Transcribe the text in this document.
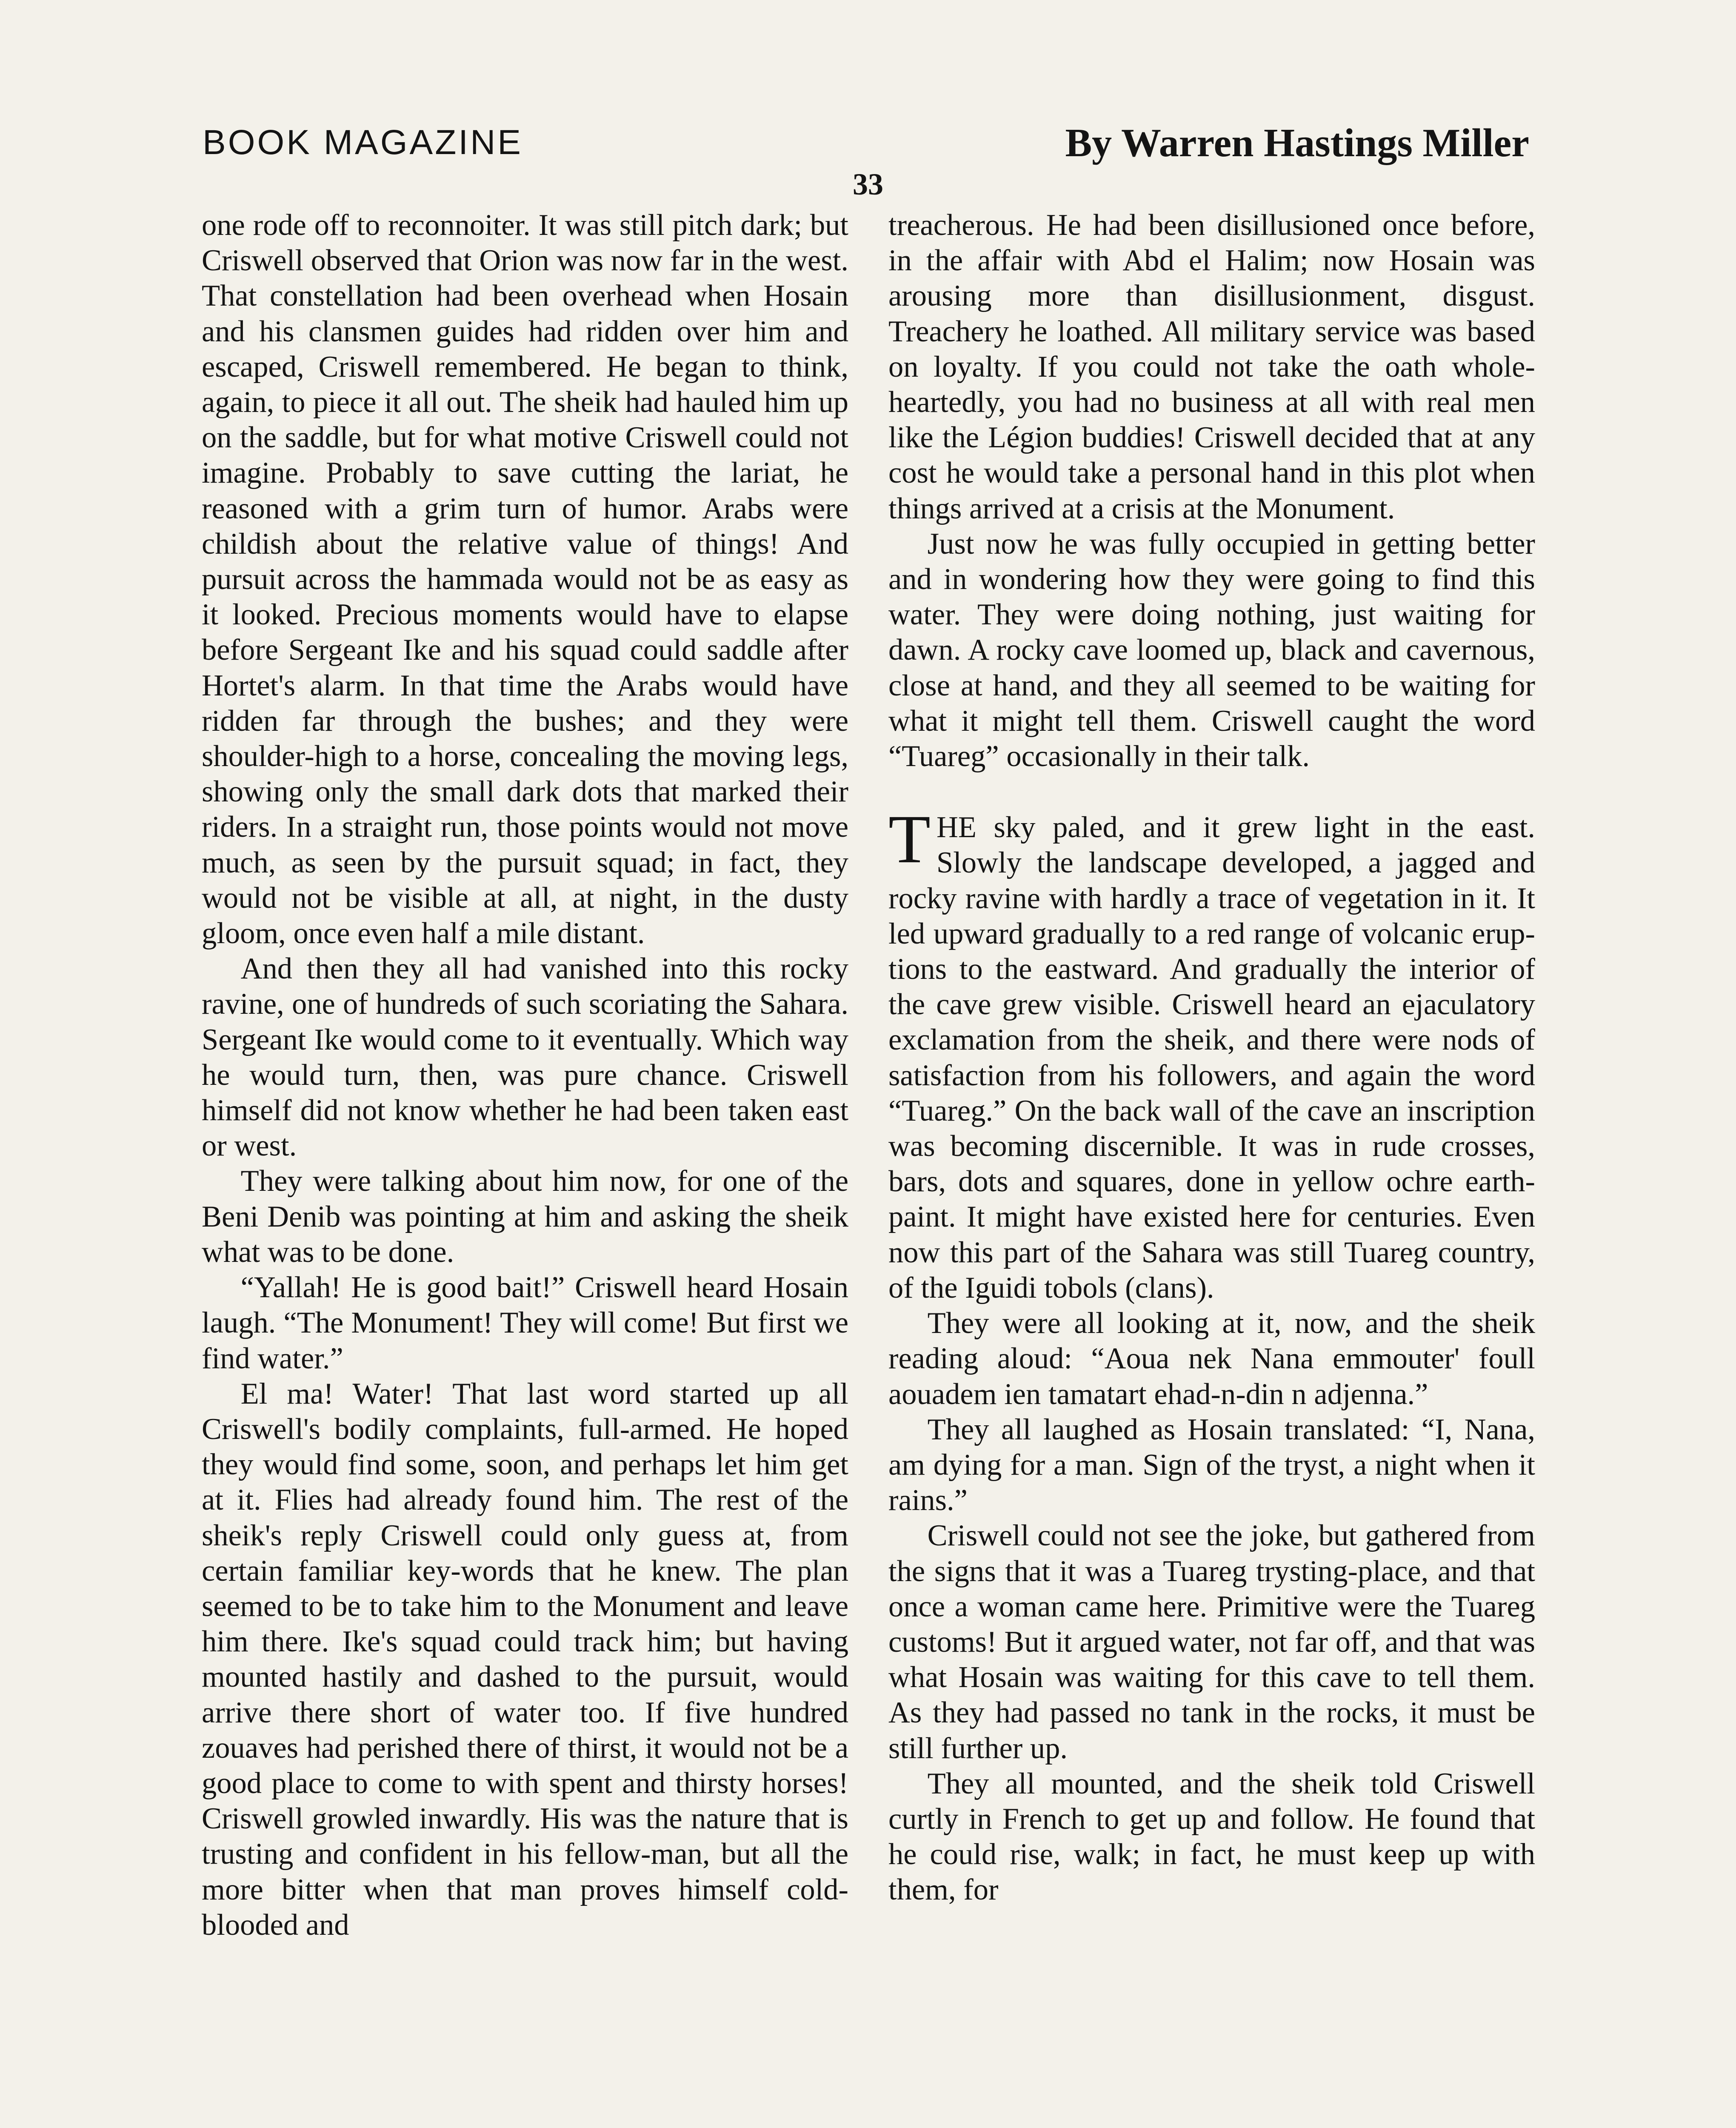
BOOK MAGAZINE	By Warren Hastings Miller
33

one rode off to reconnoiter. It was still pitch dark; but Criswell observed that Orion was now far in the west. That constellation had been overhead when Hosain and his clansmen guides had ridden over him and escaped, Criswell remembered. He began to think, again, to piece it all out. The sheik had hauled him up on the saddle, but for what motive Criswell could not imagine. Probably to save cutting the lariat, he reasoned with a grim turn of humor. Arabs were childish about the relative value of things! And pursuit across the hammada would not be as easy as it looked. Precious moments would have to elapse before Sergeant Ike and his squad could saddle after Hortet's alarm. In that time the Arabs would have ridden far through the bushes; and they were shoulder-high to a horse, concealing the moving legs, showing only the small dark dots that marked their riders. In a straight run, those points would not move much, as seen by the pursuit squad; in fact, they would not be visible at all, at night, in the dusty gloom, once even half a mile distant.

And then they all had vanished into this rocky ravine, one of hundreds of such scoriating the Sahara. Sergeant Ike would come to it eventually. Which way he would turn, then, was pure chance. Criswell himself did not know whether he had been taken east or west.

They were talking about him now, for one of the Beni Denib was pointing at him and asking the sheik what was to be done.

“Yallah! He is good bait!” Criswell heard Hosain laugh. “The Monument! They will come! But first we find water.”

El ma! Water! That last word started up all Criswell's bodily complaints, full-armed. He hoped they would find some, soon, and perhaps let him get at it. Flies had already found him. The rest of the sheik's reply Criswell could only guess at, from certain familiar key-words that he knew. The plan seemed to be to take him to the Monument and leave him there. Ike's squad could track him; but having mounted hastily and dashed to the pursuit, would arrive there short of water too. If five hundred zouaves had perished there of thirst, it would not be a good place to come to with spent and thirsty horses! Criswell growled inwardly. His was the nature that is trusting and confident in his fellow-man, but all the more bitter when that man proves himself cold-blooded and

treacherous. He had been disillusioned once before, in the affair with Abd el Halim; now Hosain was arousing more than disillusionment, disgust. Treachery he loathed. All military service was based on loyalty. If you could not take the oath whole-heartedly, you had no business at all with real men like the Légion buddies! Criswell decided that at any cost he would take a personal hand in this plot when things arrived at a crisis at the Monument.

Just now he was fully occupied in getting better and in wondering how they were going to find this water. They were doing nothing, just waiting for dawn. A rocky cave loomed up, black and cavernous, close at hand, and they all seemed to be waiting for what it might tell them. Criswell caught the word “Tuareg” occasionally in their talk.

THE sky paled, and it grew light in the east. Slowly the landscape developed, a jagged and rocky ravine with hardly a trace of vegetation in it. It led upward gradually to a red range of volcanic eruptions to the eastward. And gradually the interior of the cave grew visible. Criswell heard an ejaculatory exclamation from the sheik, and there were nods of satisfaction from his followers, and again the word “Tuareg.” On the back wall of the cave an inscription was becoming discernible. It was in rude crosses, bars, dots and squares, done in yellow ochre earth-paint. It might have existed here for centuries. Even now this part of the Sahara was still Tuareg country, of the Iguidi tobols (clans).

They were all looking at it, now, and the sheik reading aloud: “Aoua nek Nana emmouter' foull aouadem ien tamatart ehad-n-din n adjenna.”

They all laughed as Hosain translated: “I, Nana, am dying for a man. Sign of the tryst, a night when it rains.”

Criswell could not see the joke, but gathered from the signs that it was a Tuareg trysting-place, and that once a woman came here. Primitive were the Tuareg customs! But it argued water, not far off, and that was what Hosain was waiting for this cave to tell them. As they had passed no tank in the rocks, it must be still further up.

They all mounted, and the sheik told Criswell curtly in French to get up and follow. He found that he could rise, walk; in fact, he must keep up with them, for
